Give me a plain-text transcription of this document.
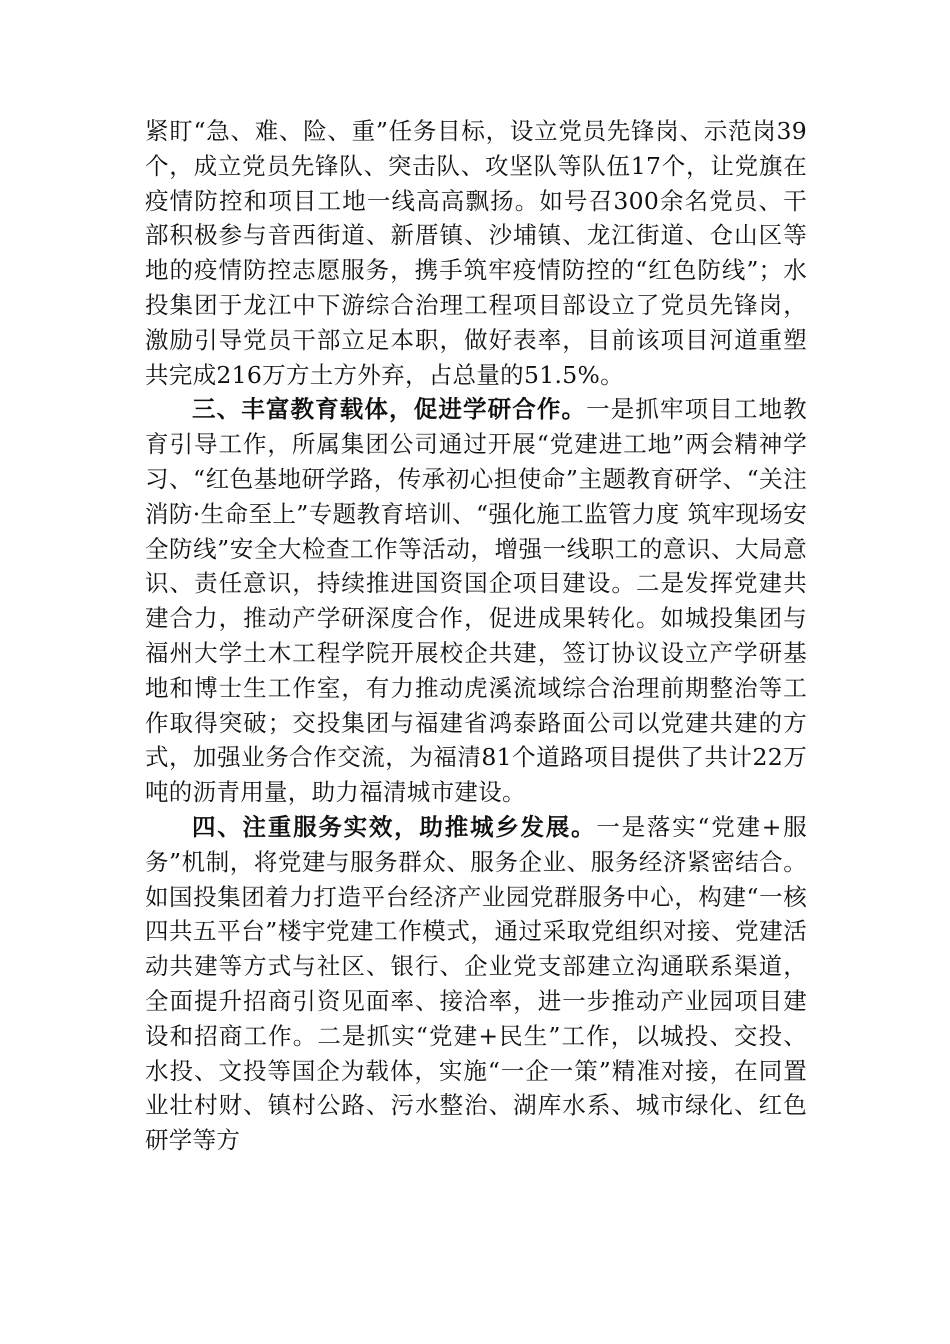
紧盯“急、难、险、重”任务目标，设立党员先锋岗、示范岗39个，成立党员先锋队、突击队、攻坚队等队伍17个，让党旗在疫情防控和项目工地一线高高飘扬。如号召300余名党员、干部积极参与音西街道、新厝镇、沙埔镇、龙江街道、仓山区等地的疫情防控志愿服务，携手筑牢疫情防控的“红色防线”；水投集团于龙江中下游综合治理工程项目部设立了党员先锋岗，激励引导党员干部立足本职，做好表率，目前该项目河道重塑共完成216万方土方外弃，占总量的51.5%。

三、丰富教育载体，促进学研合作。一是抓牢项目工地教育引导工作，所属集团公司通过开展“党建进工地”两会精神学习、“红色基地研学路，传承初心担使命”主题教育研学、“关注消防·生命至上”专题教育培训、“强化施工监管力度 筑牢现场安全防线”安全大检查工作等活动，增强一线职工的意识、大局意识、责任意识，持续推进国资国企项目建设。二是发挥党建共建合力，推动产学研深度合作，促进成果转化。如城投集团与福州大学土木工程学院开展校企共建，签订协议设立产学研基地和博士生工作室，有力推动虎溪流域综合治理前期整治等工作取得突破；交投集团与福建省鸿泰路面公司以党建共建的方式，加强业务合作交流，为福清81个道路项目提供了共计22万吨的沥青用量，助力福清城市建设。

四、注重服务实效，助推城乡发展。一是落实“党建+服务”机制，将党建与服务群众、服务企业、服务经济紧密结合。如国投集团着力打造平台经济产业园党群服务中心，构建“一核四共五平台”楼宇党建工作模式，通过采取党组织对接、党建活动共建等方式与社区、银行、企业党支部建立沟通联系渠道，全面提升招商引资见面率、接洽率，进一步推动产业园项目建设和招商工作。二是抓实“党建+民生”工作，以城投、交投、水投、文投等国企为载体，实施“一企一策”精准对接，在同置业壮村财、镇村公路、污水整治、湖库水系、城市绿化、红色研学等方
